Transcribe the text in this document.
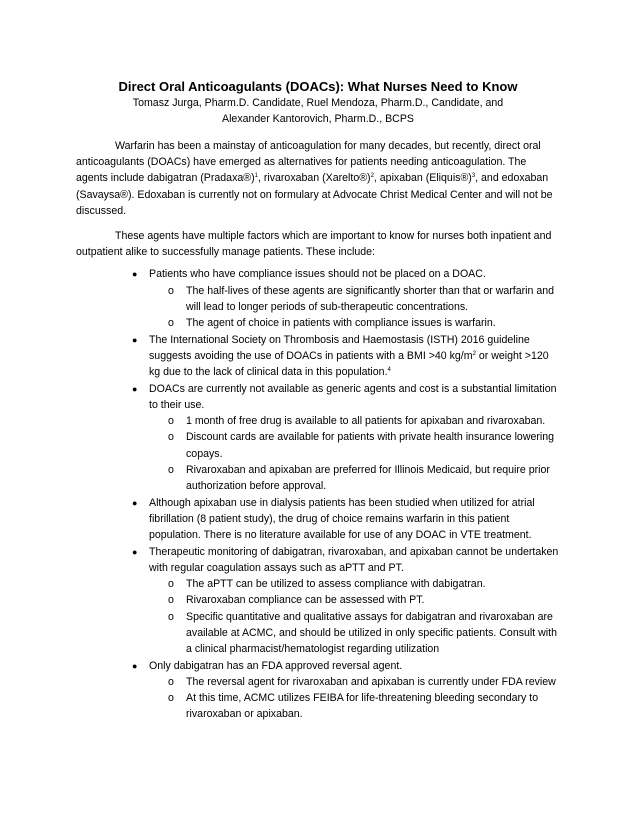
Direct Oral Anticoagulants (DOACs): What Nurses Need to Know
Tomasz Jurga, Pharm.D. Candidate, Ruel Mendoza, Pharm.D., Candidate, and
Alexander Kantorovich, Pharm.D., BCPS

Warfarin has been a mainstay of anticoagulation for many decades, but recently, direct oral anticoagulants (DOACs) have emerged as alternatives for patients needing anticoagulation. The agents include dabigatran (Pradaxa®)$^1$, rivaroxaban (Xarelto®)$^2$, apixaban (Eliquis®)$^3$, and edoxaban (Savaysa®). Edoxaban is currently not on formulary at Advocate Christ Medical Center and will not be discussed.

These agents have multiple factors which are important to know for nurses both inpatient and outpatient alike to successfully manage patients. These include:

● Patients who have compliance issues should not be placed on a DOAC.
o The half-lives of these agents are significantly shorter than that or warfarin and will lead to longer periods of sub-therapeutic concentrations.
o The agent of choice in patients with compliance issues is warfarin.
● The International Society on Thrombosis and Haemostasis (ISTH) 2016 guideline suggests avoiding the use of DOACs in patients with a BMI >40 $kg/m^2$ or weight >120 kg due to the lack of clinical data in this population.$^4$
● DOACs are currently not available as generic agents and cost is a substantial limitation to their use.
o 1 month of free drug is available to all patients for apixaban and rivaroxaban.
o Discount cards are available for patients with private health insurance lowering copays.
o Rivaroxaban and apixaban are preferred for Illinois Medicaid, but require prior authorization before approval.
● Although apixaban use in dialysis patients has been studied when utilized for atrial fibrillation (8 patient study), the drug of choice remains warfarin in this patient population. There is no literature available for use of any DOAC in VTE treatment.
● Therapeutic monitoring of dabigatran, rivaroxaban, and apixaban cannot be undertaken with regular coagulation assays such as aPTT and PT.
o The aPTT can be utilized to assess compliance with dabigatran.
o Rivaroxaban compliance can be assessed with PT.
o Specific quantitative and qualitative assays for dabigatran and rivaroxaban are available at ACMC, and should be utilized in only specific patients. Consult with a clinical pharmacist/hematologist regarding utilization
● Only dabigatran has an FDA approved reversal agent.
o The reversal agent for rivaroxaban and apixaban is currently under FDA review
o At this time, ACMC utilizes FEIBA for life-threatening bleeding secondary to rivaroxaban or apixaban.
